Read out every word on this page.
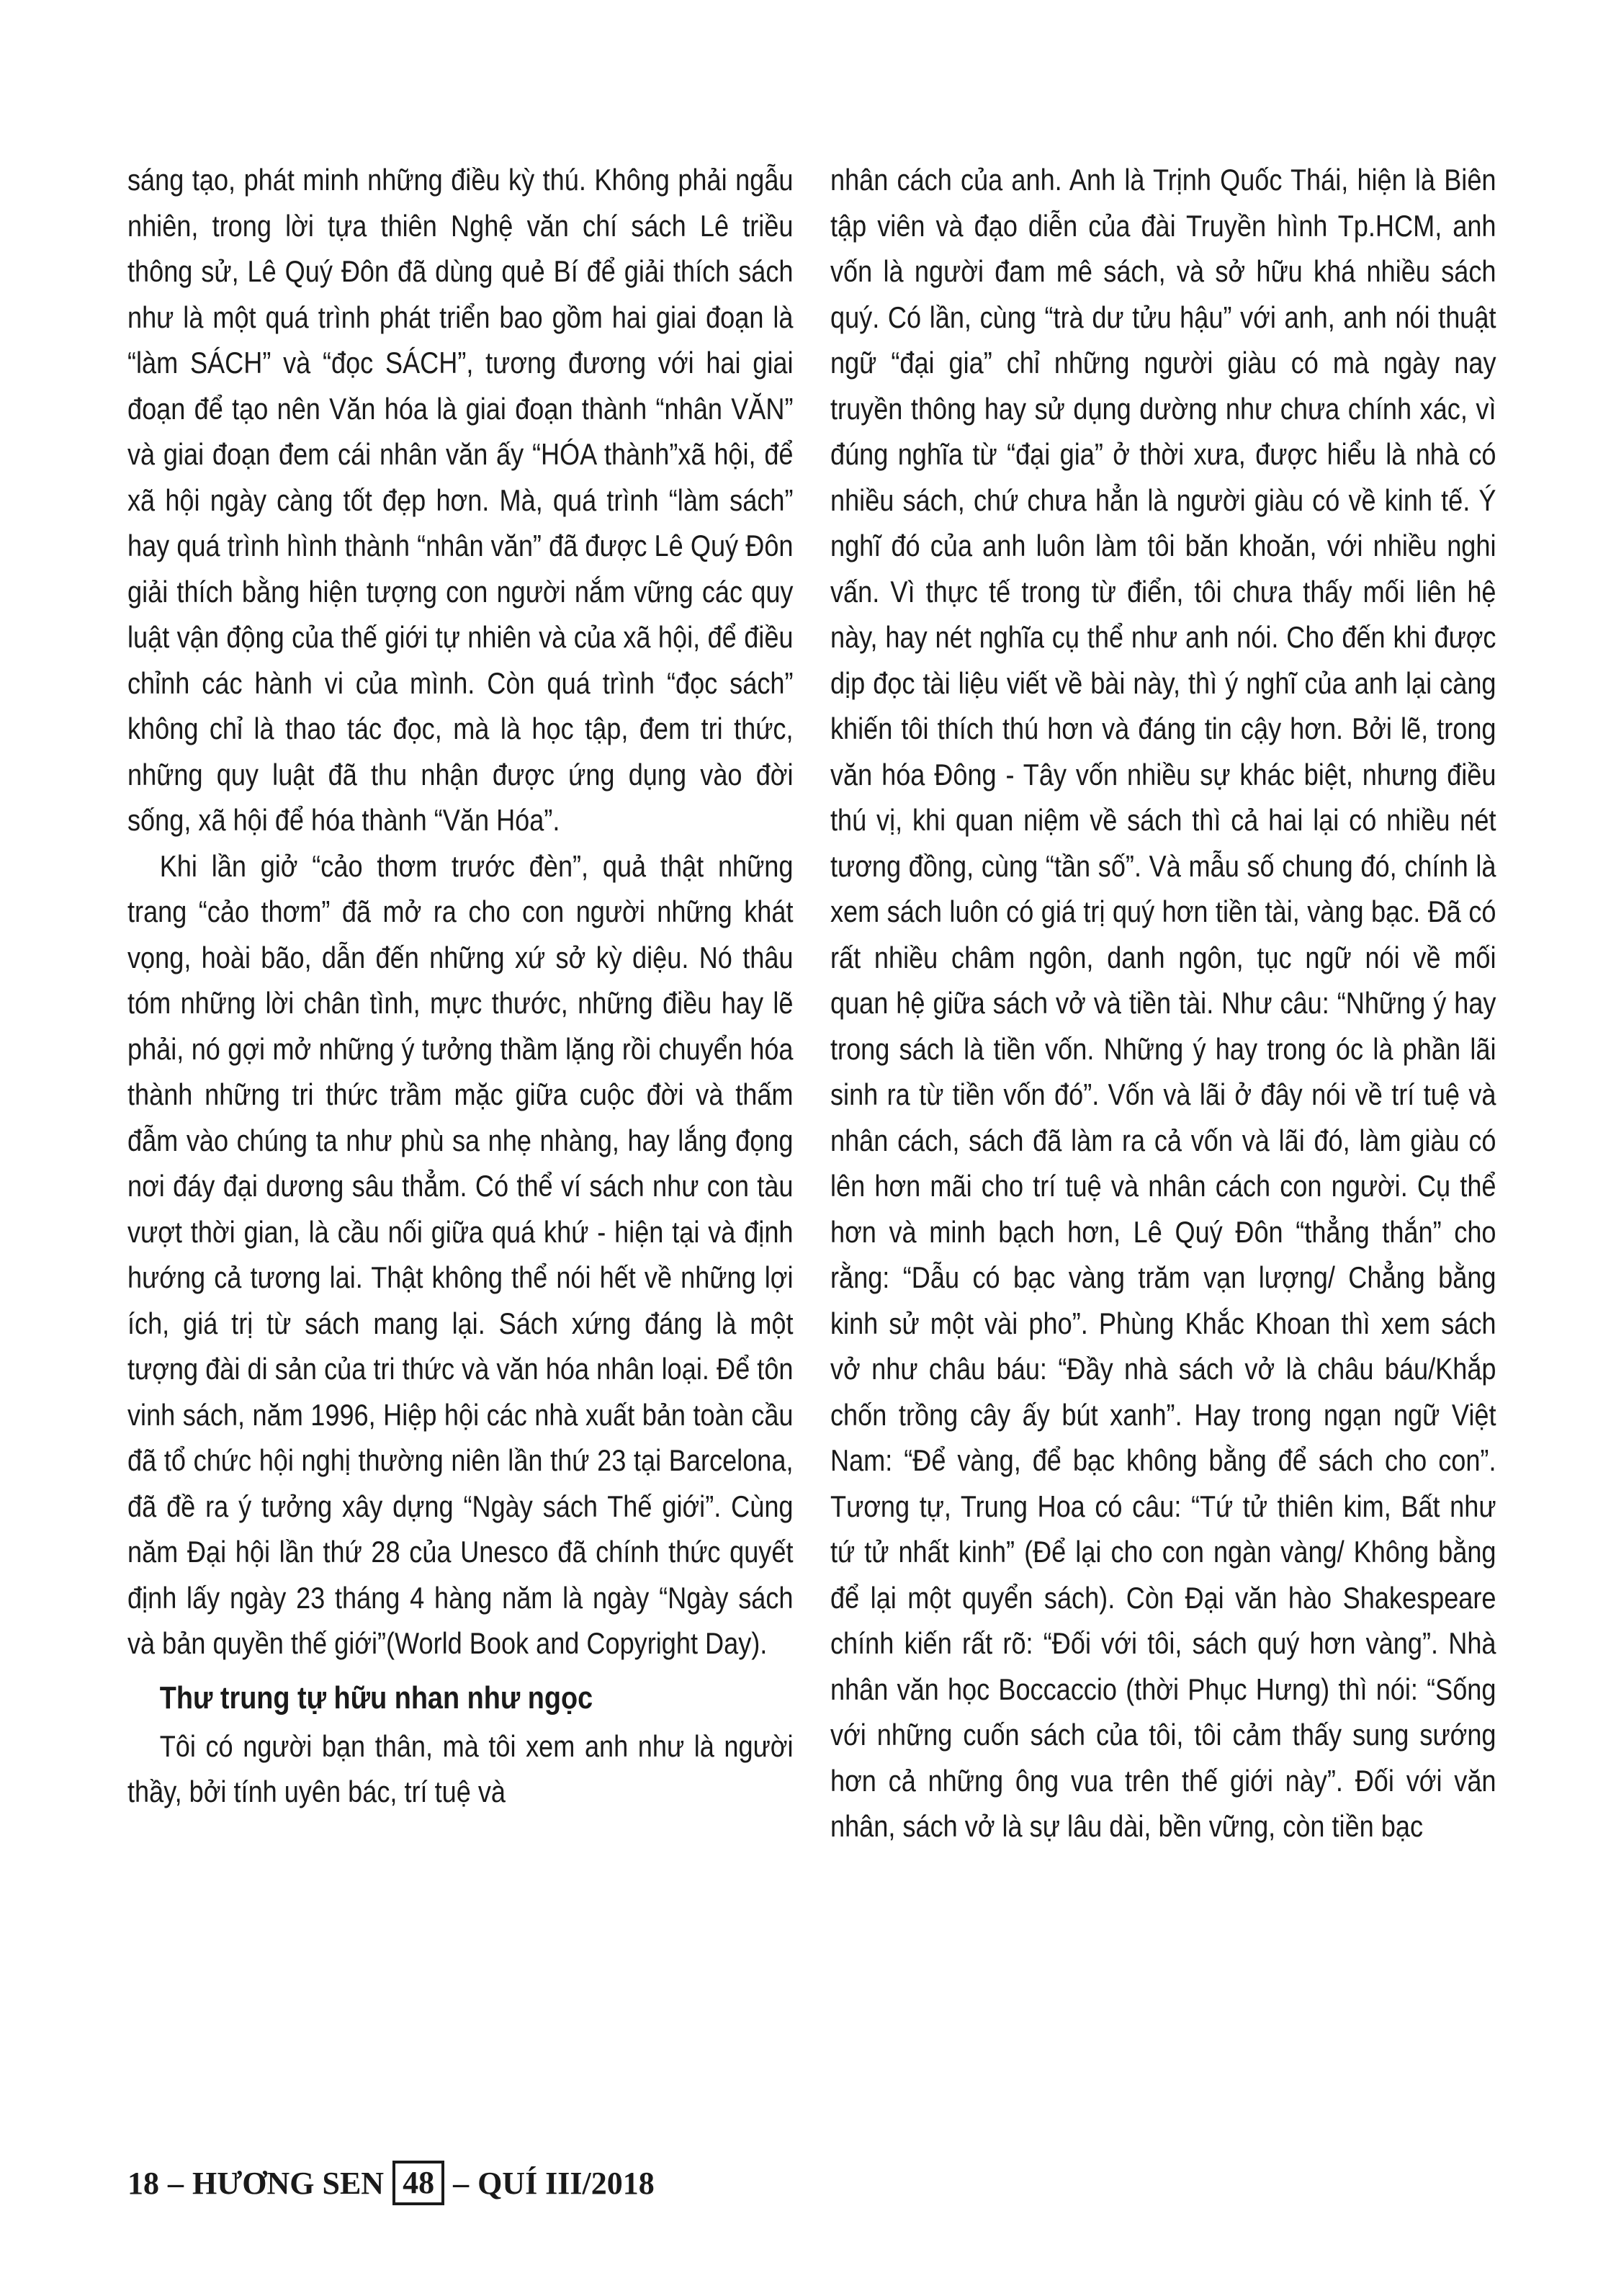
sáng tạo, phát minh những điều kỳ thú. Không phải ngẫu nhiên, trong lời tựa thiên Nghệ văn chí sách Lê triều thông sử, Lê Quý Đôn đã dùng quẻ Bí để giải thích sách như là một quá trình phát triển bao gồm hai giai đoạn là “làm SÁCH” và “đọc SÁCH”, tương đương với hai giai đoạn để tạo nên Văn hóa là giai đoạn thành “nhân VĂN” và giai đoạn đem cái nhân văn ấy “HÓA thành”xã hội, để xã hội ngày càng tốt đẹp hơn. Mà, quá trình “làm sách” hay quá trình hình thành “nhân văn” đã được Lê Quý Đôn giải thích bằng hiện tượng con người nắm vững các quy luật vận động của thế giới tự nhiên và của xã hội, để điều chỉnh các hành vi của mình. Còn quá trình “đọc sách” không chỉ là thao tác đọc, mà là học tập, đem tri thức, những quy luật đã thu nhận được ứng dụng vào đời sống, xã hội để hóa thành “Văn Hóa”.

Khi lần giở “cảo thơm trước đèn”, quả thật những trang “cảo thơm” đã mở ra cho con người những khát vọng, hoài bão, dẫn đến những xứ sở kỳ diệu. Nó thâu tóm những lời chân tình, mực thước, những điều hay lẽ phải, nó gợi mở những ý tưởng thầm lặng rồi chuyển hóa thành những tri thức trầm mặc giữa cuộc đời và thấm đẫm vào chúng ta như phù sa nhẹ nhàng, hay lắng đọng nơi đáy đại dương sâu thẳm. Có thể ví sách như con tàu vượt thời gian, là cầu nối giữa quá khứ - hiện tại và định hướng cả tương lai. Thật không thể nói hết về những lợi ích, giá trị từ sách mang lại. Sách xứng đáng là một tượng đài di sản của tri thức và văn hóa nhân loại. Để tôn vinh sách, năm 1996, Hiệp hội các nhà xuất bản toàn cầu đã tổ chức hội nghị thường niên lần thứ 23 tại Barcelona, đã đề ra ý tưởng xây dựng “Ngày sách Thế giới”. Cùng năm Đại hội lần thứ 28 của Unesco đã chính thức quyết định lấy ngày 23 tháng 4 hàng năm là ngày “Ngày sách và bản quyền thế giới”(World Book and Copyright Day).

Thư trung tự hữu nhan như ngọc

Tôi có người bạn thân, mà tôi xem anh như là người thầy, bởi tính uyên bác, trí tuệ và

nhân cách của anh. Anh là Trịnh Quốc Thái, hiện là Biên tập viên và đạo diễn của đài Truyền hình Tp.HCM, anh vốn là người đam mê sách, và sở hữu khá nhiều sách quý. Có lần, cùng “trà dư tửu hậu” với anh, anh nói thuật ngữ “đại gia” chỉ những người giàu có mà ngày nay truyền thông hay sử dụng dường như chưa chính xác, vì đúng nghĩa từ “đại gia” ở thời xưa, được hiểu là nhà có nhiều sách, chứ chưa hẳn là người giàu có về kinh tế. Ý nghĩ đó của anh luôn làm tôi băn khoăn, với nhiều nghi vấn. Vì thực tế trong từ điển, tôi chưa thấy mối liên hệ này, hay nét nghĩa cụ thể như anh nói. Cho đến khi được dịp đọc tài liệu viết về bài này, thì ý nghĩ của anh lại càng khiến tôi thích thú hơn và đáng tin cậy hơn. Bởi lẽ, trong văn hóa Đông - Tây vốn nhiều sự khác biệt, nhưng điều thú vị, khi quan niệm về sách thì cả hai lại có nhiều nét tương đồng, cùng “tần số”. Và mẫu số chung đó, chính là xem sách luôn có giá trị quý hơn tiền tài, vàng bạc. Đã có rất nhiều châm ngôn, danh ngôn, tục ngữ nói về mối quan hệ giữa sách vở và tiền tài. Như câu: “Những ý hay trong sách là tiền vốn. Những ý hay trong óc là phần lãi sinh ra từ tiền vốn đó”. Vốn và lãi ở đây nói về trí tuệ và nhân cách, sách đã làm ra cả vốn và lãi đó, làm giàu có lên hơn mãi cho trí tuệ và nhân cách con người. Cụ thể hơn và minh bạch hơn, Lê Quý Đôn “thẳng thắn” cho rằng: “Dẫu có bạc vàng trăm vạn lượng/ Chẳng bằng kinh sử một vài pho”. Phùng Khắc Khoan thì xem sách vở như châu báu: “Đầy nhà sách vở là châu báu/Khắp chốn trồng cây ấy bút xanh”. Hay trong ngạn ngữ Việt Nam: “Để vàng, để bạc không bằng để sách cho con”. Tương tự, Trung Hoa có câu: “Tứ tử thiên kim, Bất như tứ tử nhất kinh” (Để lại cho con ngàn vàng/ Không bằng để lại một quyển sách). Còn Đại văn hào Shakespeare chính kiến rất rõ: “Đối với tôi, sách quý hơn vàng”. Nhà nhân văn học Boccaccio (thời Phục Hưng) thì nói: “Sống với những cuốn sách của tôi, tôi cảm thấy sung sướng hơn cả những ông vua trên thế giới này”. Đối với văn nhân, sách vở là sự lâu dài, bền vững, còn tiền bạc

18 – HƯƠNG SEN 48 – QUÍ III/2018
